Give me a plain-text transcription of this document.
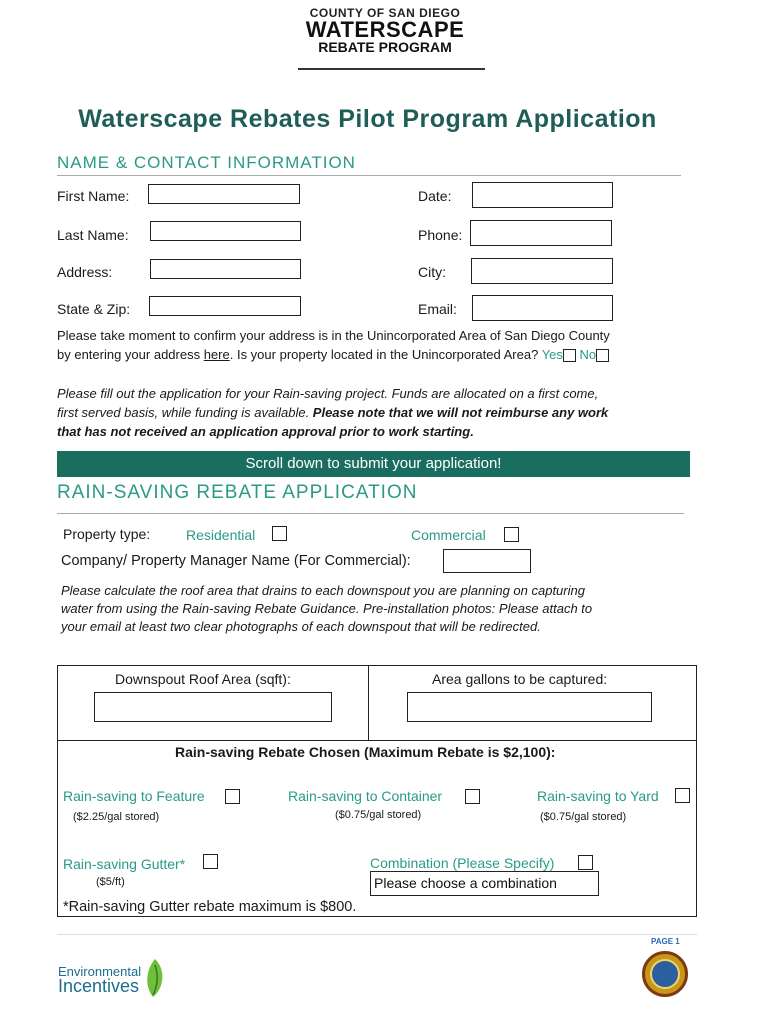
COUNTY OF SAN DIEGO
WATERSCAPE
REBATE PROGRAM
Waterscape Rebates Pilot Program Application
NAME & CONTACT INFORMATION
First Name:	Date:
Last Name:	Phone:
Address:	City:
State & Zip:	Email:
Please take moment to confirm your address is in the Unincorporated Area of San Diego County
by entering your address here. Is your property located in the Unincorporated Area? Yes No
Please fill out the application for your Rain-saving project. Funds are allocated on a first come,
first served basis, while funding is available. Please note that we will not reimburse any work
that has not received an application approval prior to work starting.
Scroll down to submit your application!
RAIN-SAVING REBATE APPLICATION
Property type:	Residential	Commercial
Company/ Property Manager Name (For Commercial):
Please calculate the roof area that drains to each downspout you are planning on capturing
water from using the Rain-saving Rebate Guidance. Pre-installation photos: Please attach to
your email at least two clear photographs of each downspout that will be redirected.
Downspout Roof Area (sqft):	Area gallons to be captured:
Rain-saving Rebate Chosen (Maximum Rebate is $2,100):
Rain-saving to Feature
($2.25/gal stored)
Rain-saving to Container
($0.75/gal stored)
Rain-saving to Yard
($0.75/gal stored)
Rain-saving Gutter*
($5/ft)
Combination (Please Specify)
Please choose a combination
*Rain-saving Gutter rebate maximum is $800.
PAGE 1
Environmental
Incentives
